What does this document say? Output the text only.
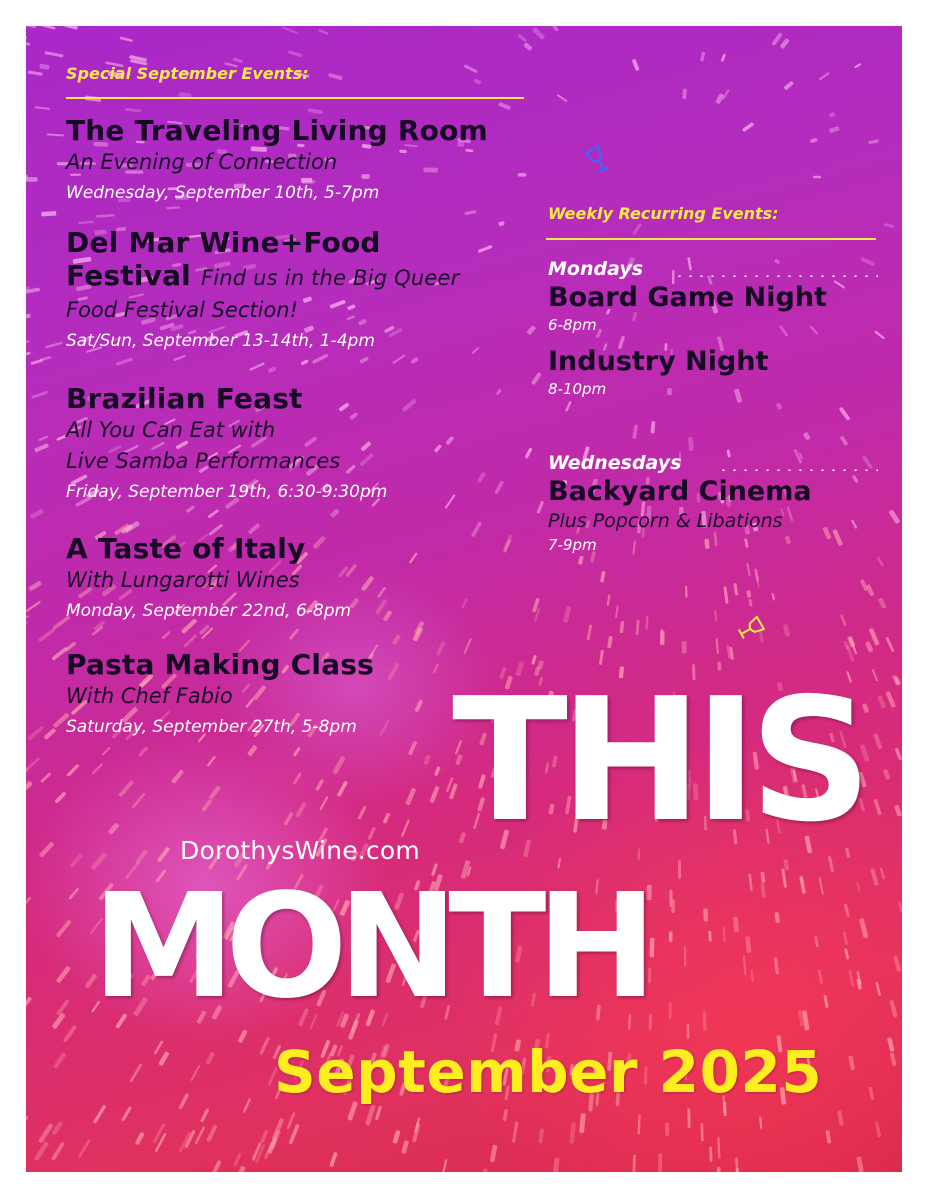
Special September Events:
The Traveling Living Room
An Evening of Connection
Wednesday, September 10th, 5-7pm
Del Mar Wine+Food
Festival Find us in the Big Queer
Food Festival Section!
Sat/Sun, September 13-14th, 1-4pm
Brazilian Feast
All You Can Eat with
Live Samba Performances
Friday, September 19th, 6:30-9:30pm
A Taste of Italy
With Lungarotti Wines
Monday, September 22nd, 6-8pm
Pasta Making Class
With Chef Fabio
Saturday, September 27th, 5-8pm
Weekly Recurring Events:
Mondays
Board Game Night
6-8pm
Industry Night
8-10pm
Wednesdays
Backyard Cinema
Plus Popcorn & Libations
7-9pm
DorothysWine.com THIS
MONTH
September 2025
